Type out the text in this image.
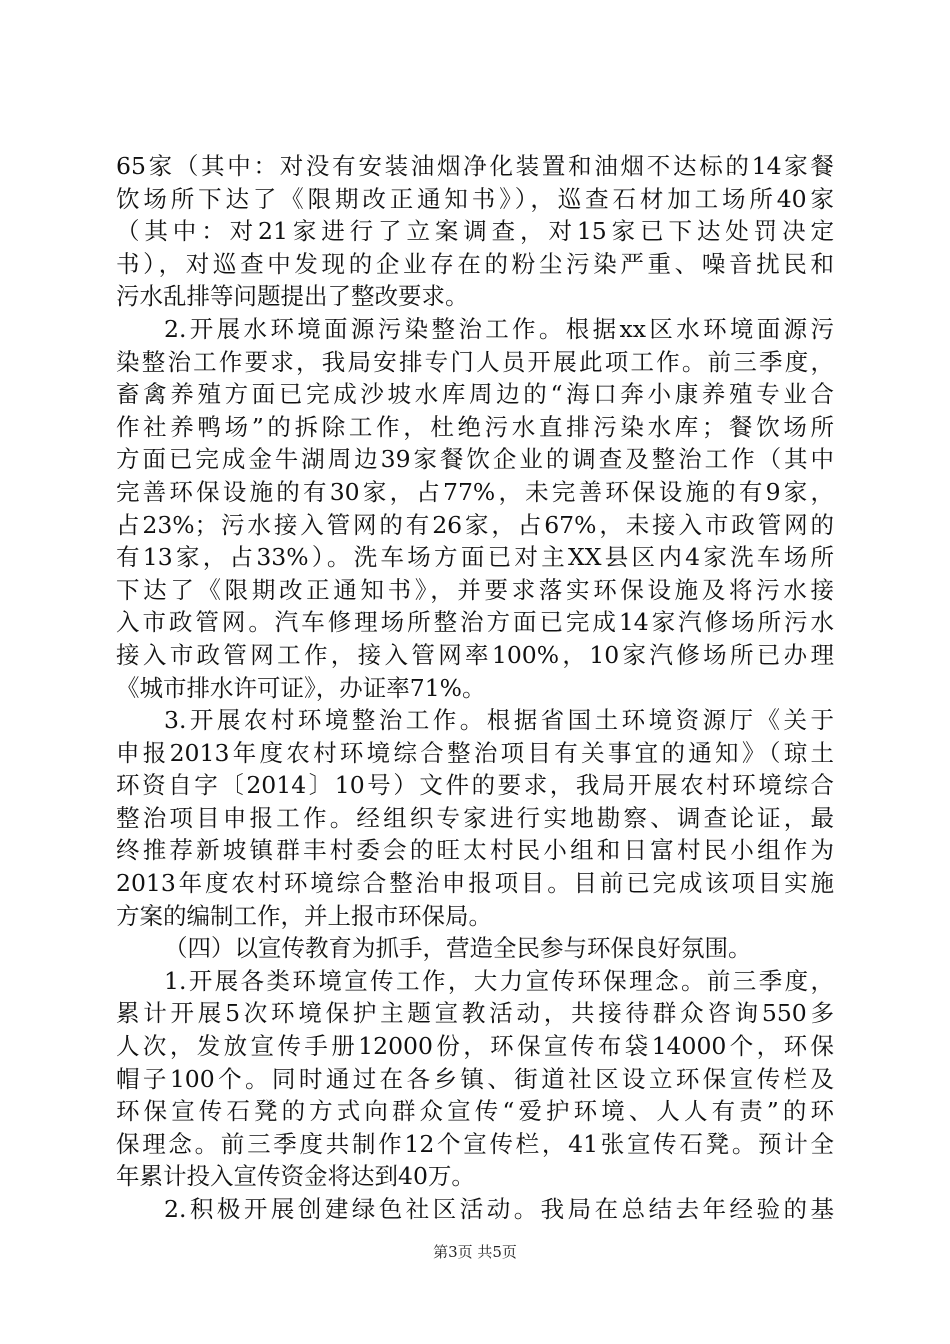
65家（其中：对没有安装油烟净化装置和油烟不达标的14家餐
饮场所下达了《限期改正通知书》），巡查石材加工场所40家
（其中：对21家进行了立案调查，对15家已下达处罚决定
书），对巡查中发现的企业存在的粉尘污染严重、噪音扰民和
污水乱排等问题提出了整改要求。
2.开展水环境面源污染整治工作。根据xx区水环境面源污
染整治工作要求，我局安排专门人员开展此项工作。前三季度，
畜禽养殖方面已完成沙坡水库周边的“海口奔小康养殖专业合
作社养鸭场”的拆除工作，杜绝污水直排污染水库；餐饮场所
方面已完成金牛湖周边39家餐饮企业的调查及整治工作（其中
完善环保设施的有30家，占77%，未完善环保设施的有9家，
占23%；污水接入管网的有26家，占67%，未接入市政管网的
有13家，占33%）。洗车场方面已对主XX县区内4家洗车场所
下达了《限期改正通知书》，并要求落实环保设施及将污水接
入市政管网。汽车修理场所整治方面已完成14家汽修场所污水
接入市政管网工作，接入管网率100%，10家汽修场所已办理
《城市排水许可证》，办证率71%。
3.开展农村环境整治工作。根据省国土环境资源厅《关于
申报2013年度农村环境综合整治项目有关事宜的通知》（琼土
环资自字〔2014〕10号）文件的要求，我局开展农村环境综合
整治项目申报工作。经组织专家进行实地勘察、调查论证，最
终推荐新坡镇群丰村委会的旺太村民小组和日富村民小组作为
2013年度农村环境综合整治申报项目。目前已完成该项目实施
方案的编制工作，并上报市环保局。
（四）以宣传教育为抓手，营造全民参与环保良好氛围。
1.开展各类环境宣传工作，大力宣传环保理念。前三季度，
累计开展5次环境保护主题宣教活动，共接待群众咨询550多
人次，发放宣传手册12000份，环保宣传布袋14000个，环保
帽子100个。同时通过在各乡镇、街道社区设立环保宣传栏及
环保宣传石凳的方式向群众宣传“爱护环境、人人有责”的环
保理念。前三季度共制作12个宣传栏，41张宣传石凳。预计全
年累计投入宣传资金将达到40万。
2.积极开展创建绿色社区活动。我局在总结去年经验的基
第3页 共5页
